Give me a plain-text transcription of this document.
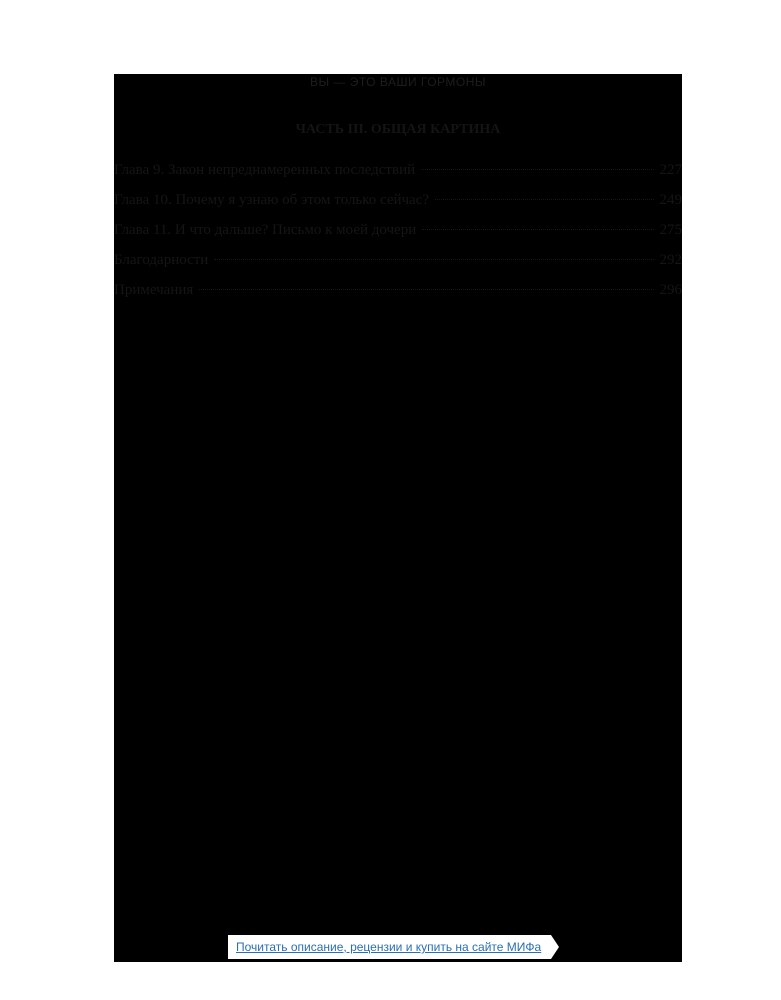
ВЫ — ЭТО ВАШИ ГОРМОНЫ
ЧАСТЬ III. ОБЩАЯ КАРТИНА
Глава 9. Закон непреднамеренных последствий	227
Глава 10. Почему я узнаю об этом только сейчас?	249
Глава 11. И что дальше? Письмо к моей дочери	275
Благодарности	292
Примечания	296
Почитать описание, рецензии и купить на сайте МИФа
